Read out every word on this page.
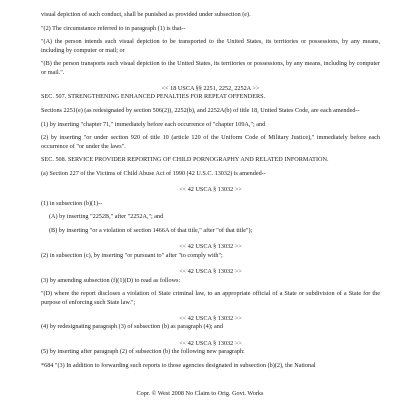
visual depiction of such conduct, shall be punished as provided under subsection (e).

"(2) The circumstance referred to in paragraph (1) is that--

"(A) the person intends such visual depiction to be transported to the United States, its territories or possessions, by any means, including by computer or mail; or

"(B) the person transports such visual depiction to the United States, its territories or possessions, by any means, including by computer or mail.".

<< 18 USCA §§ 2251, 2252, 2252A >>

SEC. 507. STRENGTHENING ENHANCED PENALTIES FOR REPEAT OFFENDERS.

Sections 2251(e) (as redesignated by section 506(2)), 2252(b), and 2252A(b) of title 18, United States Code, are each amended--

(1) by inserting "chapter 71," immediately before each occurrence of "chapter 109A,"; and

(2) by inserting "or under section 920 of title 10 (article 120 of the Uniform Code of Military Justice)," immediately before each occurrence of "or under the laws".

SEC. 508. SERVICE PROVIDER REPORTING OF CHILD PORNOGRAPHY AND RELATED INFORMATION.

(a) Section 227 of the Victims of Child Abuse Act of 1990 (42 U.S.C. 13032) is amended--

<< 42 USCA § 13032 >>

(1) in subsection (b)(1)--

(A) by inserting "2252B," after "2252A,"; and

(B) by inserting "or a violation of section 1466A of that title," after "of that title");

<< 42 USCA § 13032 >>

(2) in subsection (c), by inserting "or pursuant to" after "to comply with";

<< 42 USCA § 13032 >>

(3) by amending subsection (f)(1)(D) to read as follows:

"(D) where the report discloses a violation of State criminal law, to an appropriate official of a State or subdivision of a State for the purpose of enforcing such State law.";

<< 42 USCA § 13032 >>

(4) by redesignating paragraph (3) of subsection (b) as paragraph (4); and

<< 42 USCA § 13032 >>

(5) by inserting after paragraph (2) of subsection (b) the following new paragraph:

*684 "(3) In addition to forwarding such reports to those agencies designated in subsection (b)(2), the National

Copr. © West 2008 No Claim to Orig. Govt. Works
